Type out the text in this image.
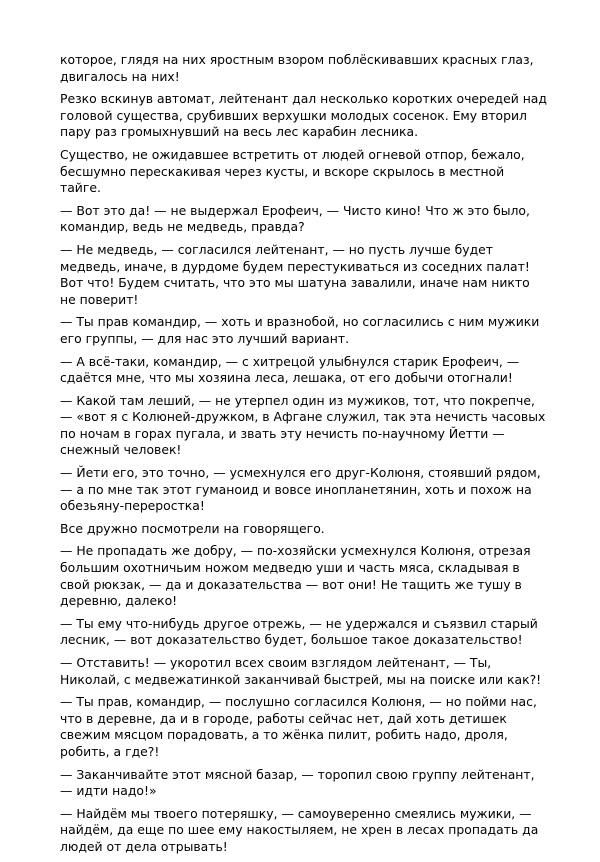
которое, глядя на них яростным взором поблёскивавших красных глаз, двигалось на них!

Резко вскинув автомат, лейтенант дал несколько коротких очередей над головой существа, срубивших верхушки молодых сосенок. Ему вторил пару раз громыхнувший на весь лес карабин лесника.

Существо, не ожидавшее встретить от людей огневой отпор, бежало, бесшумно перескакивая через кусты, и вскоре скрылось в местной тайге.

— Вот это да! — не выдержал Ерофеич, — Чисто кино! Что ж это было, командир, ведь не медведь, правда?

— Не медведь, — согласился лейтенант, — но пусть лучше будет медведь, иначе, в дурдоме будем перестукиваться из соседних палат! Вот что! Будем считать, что это мы шатуна завалили, иначе нам никто не поверит!

— Ты прав командир, — хоть и вразнобой, но согласились с ним мужики его группы, — для нас это лучший вариант.

— А всё-таки, командир, — с хитрецой улыбнулся старик Ерофеич, — сдаётся мне, что мы хозяина леса, лешака, от его добычи отогнали!

— Какой там леший, — не утерпел один из мужиков, тот, что покрепче, — «вот я с Колюней-дружком, в Афгане служил, так эта нечисть часовых по ночам в горах пугала, и звать эту нечисть по-научному Йетти — снежный человек!

— Йети его, это точно, — усмехнулся его друг-Колюня, стоявший рядом, — а по мне так этот гуманоид и вовсе инопланетянин, хоть и похож на обезьяну-переростка!

Все дружно посмотрели на говорящего.

— Не пропадать же добру, — по-хозяйски усмехнулся Колюня, отрезая большим охотничьим ножом медведю уши и часть мяса, складывая в свой рюкзак, — да и доказательства — вот они! Не тащить же тушу в деревню, далеко!

— Ты ему что-нибудь другое отрежь, — не удержался и съязвил старый лесник, — вот доказательство будет, большое такое доказательство!

— Отставить! — укоротил всех своим взглядом лейтенант, — Ты, Николай, с медвежатинкой заканчивай быстрей, мы на поиске или как?!

— Ты прав, командир, — послушно согласился Колюня, — но пойми нас, что в деревне, да и в городе, работы сейчас нет, дай хоть детишек свежим мясцом порадовать, а то жёнка пилит, робить надо, дроля, робить, а где?!

— Заканчивайте этот мясной базар, — торопил свою группу лейтенант, — идти надо!»

— Найдём мы твоего потеряшку, — самоуверенно смеялись мужики, — найдём, да еще по шее ему накостыляем, не хрен в лесах пропадать да людей от дела отрывать!
